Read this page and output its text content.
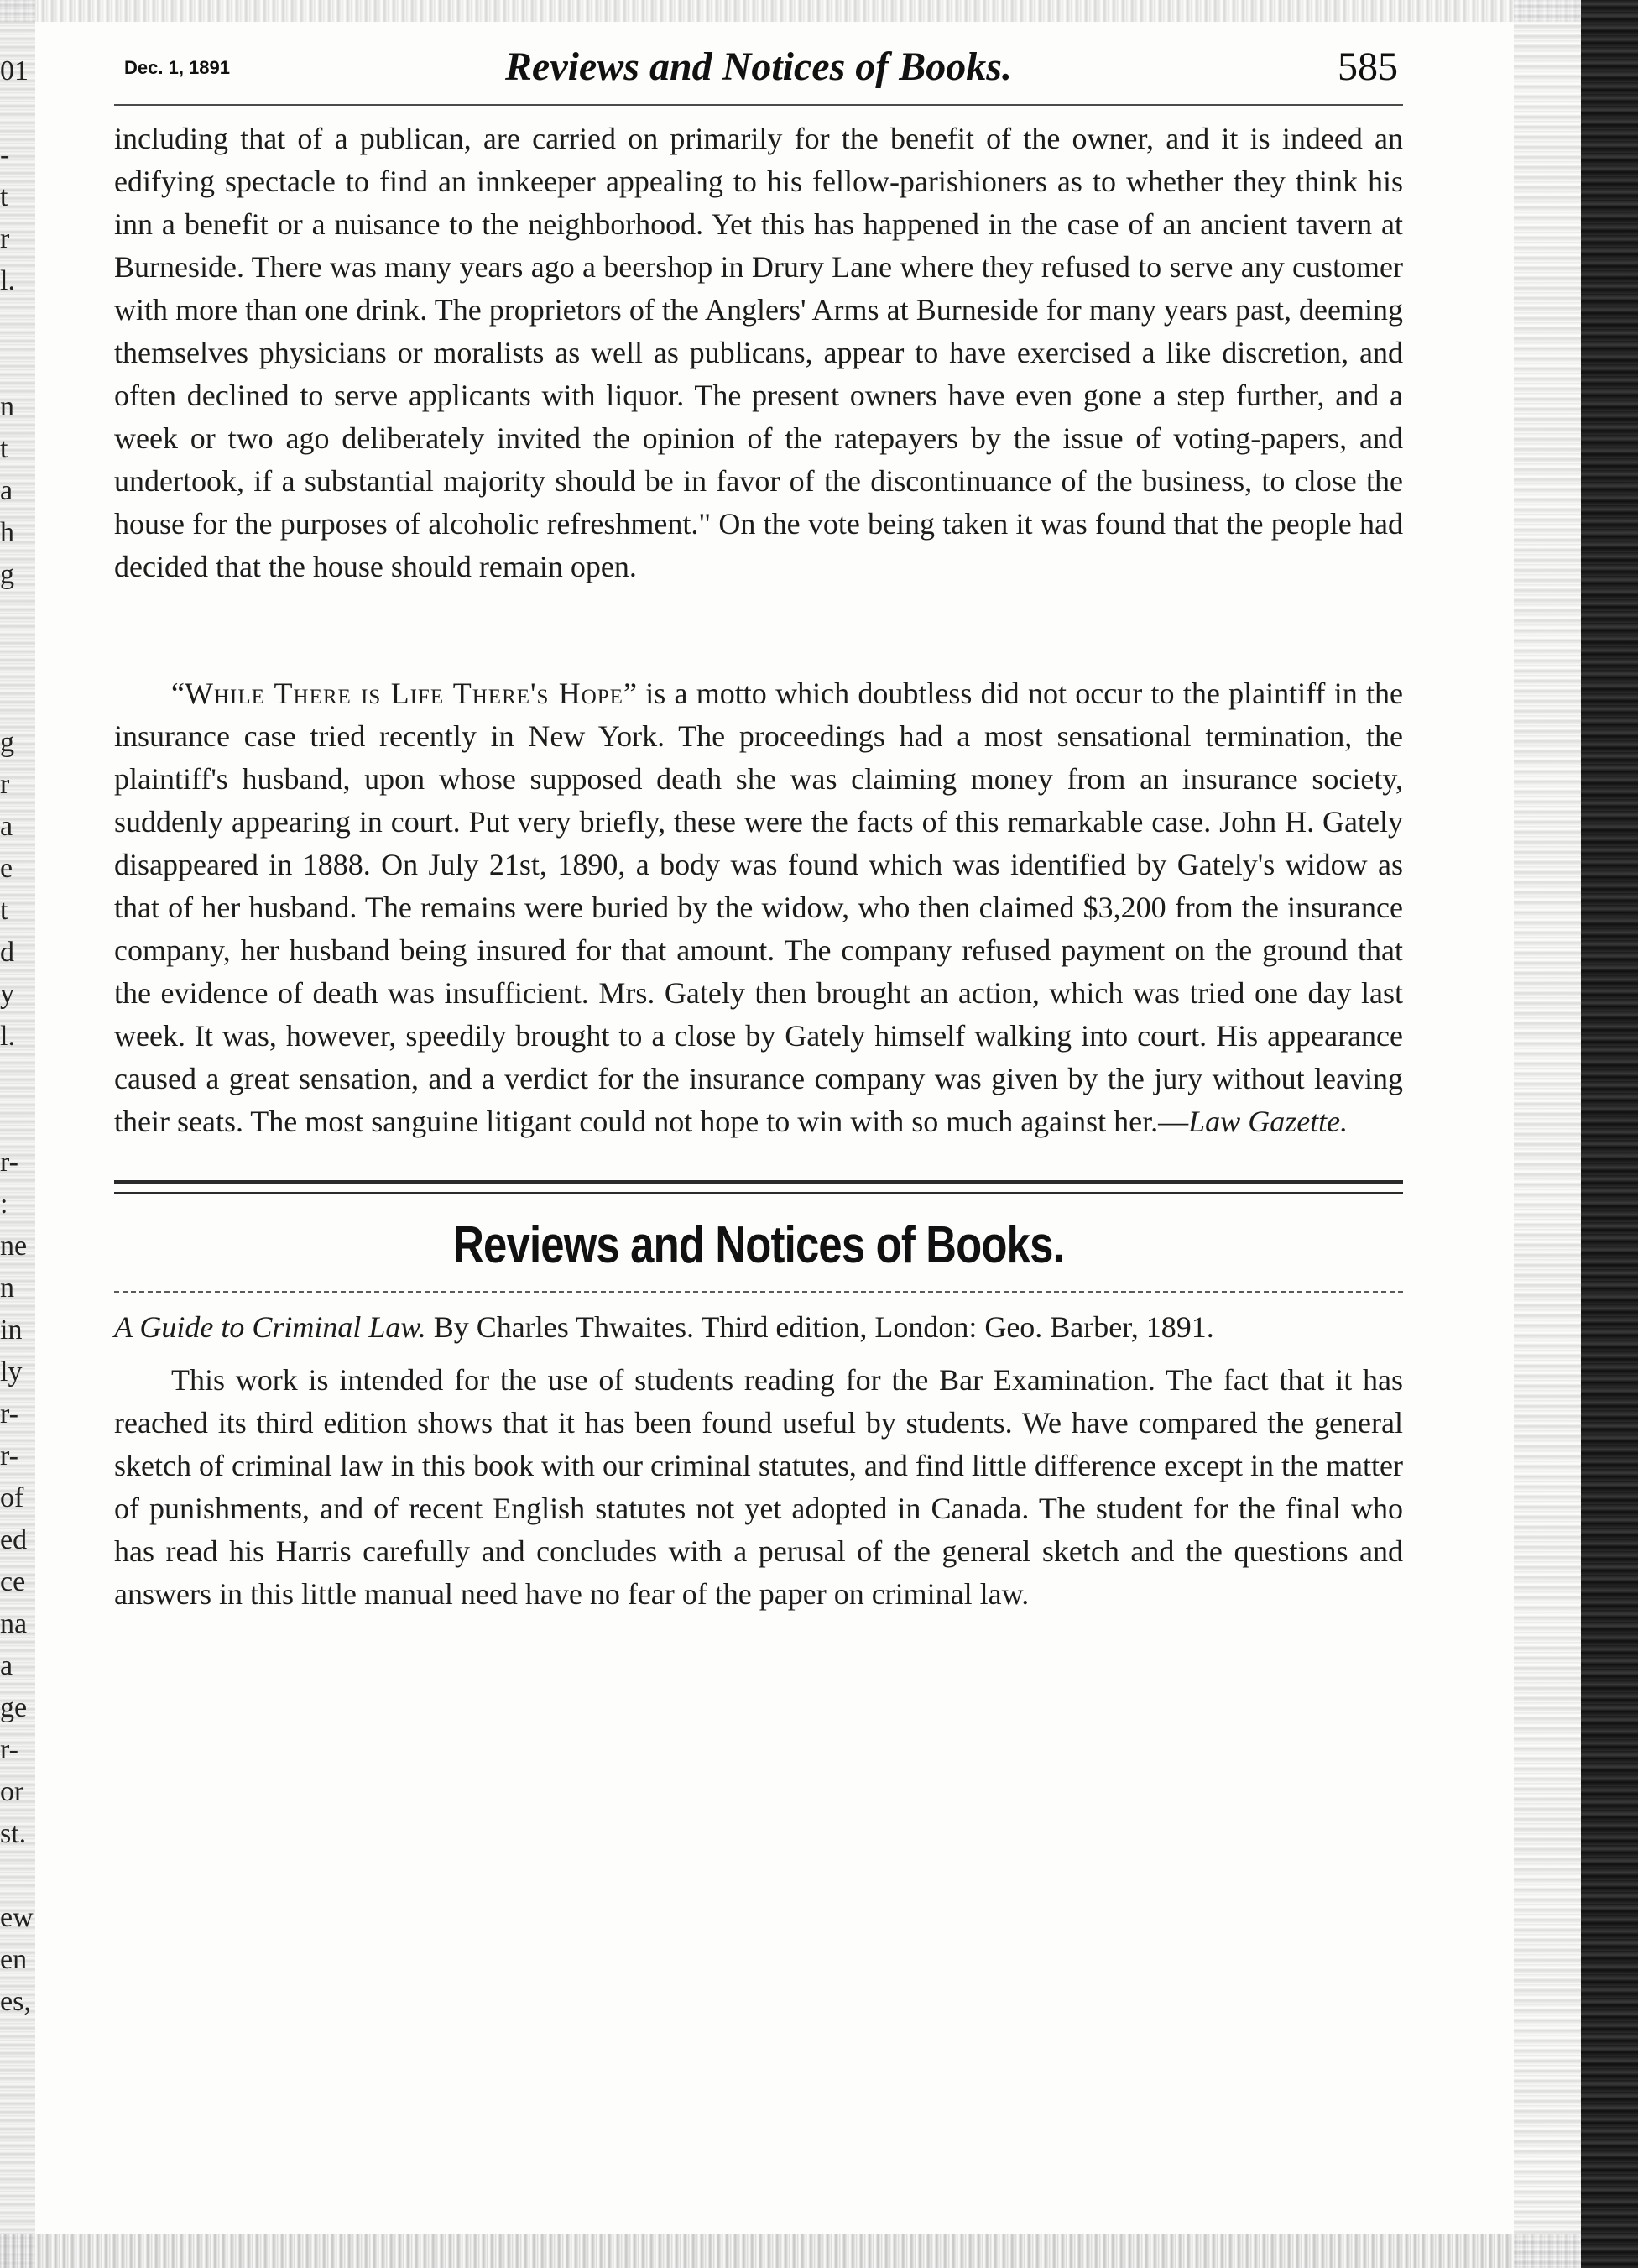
01
-
t
r
l.
n
t
a
h
g
g
r
a
e
t
d
y
l.
r-
:
ne
n
in
ly
r-
r-
of
ed
ce
na
a
ge
r-
or
st.
ew
en
es,
Dec. 1, 1891	Reviews and Notices of Books.	585

including that of a publican, are carried on primarily for the benefit of the owner, and it is indeed an edifying spectacle to find an innkeeper appealing to his fellow-parishioners as to whether they think his inn a benefit or a nuisance to the neighborhood. Yet this has happened in the case of an ancient tavern at Burneside. There was many years ago a beershop in Drury Lane where they refused to serve any customer with more than one drink. The proprietors of the Anglers' Arms at Burneside for many years past, deeming themselves physicians or moralists as well as publicans, appear to have exercised a like discretion, and often declined to serve applicants with liquor. The present owners have even gone a step further, and a week or two ago deliberately invited the opinion of the ratepayers by the issue of voting-papers, and undertook, if a substantial majority should be in favor of the discontinuance of the business, to close the house for the purposes of alcoholic refreshment." On the vote being taken it was found that the people had decided that the house should remain open.

“While There is Life There's Hope” is a motto which doubtless did not occur to the plaintiff in the insurance case tried recently in New York. The proceedings had a most sensational termination, the plaintiff's husband, upon whose supposed death she was claiming money from an insurance society, suddenly appearing in court. Put very briefly, these were the facts of this remarkable case. John H. Gately disappeared in 1888. On July 21st, 1890, a body was found which was identified by Gately's widow as that of her husband. The remains were buried by the widow, who then claimed $3,200 from the insurance company, her husband being insured for that amount. The company refused payment on the ground that the evidence of death was insufficient. Mrs. Gately then brought an action, which was tried one day last week. It was, however, speedily brought to a close by Gately himself walking into court. His appearance caused a great sensation, and a verdict for the insurance company was given by the jury without leaving their seats. The most sanguine litigant could not hope to win with so much against her.—Law Gazette.

Reviews and Notices of Books.
A Guide to Criminal Law. By Charles Thwaites. Third edition, London: Geo. Barber, 1891.

This work is intended for the use of students reading for the Bar Examination. The fact that it has reached its third edition shows that it has been found useful by students. We have compared the general sketch of criminal law in this book with our criminal statutes, and find little difference except in the matter of punishments, and of recent English statutes not yet adopted in Canada. The student for the final who has read his Harris carefully and concludes with a perusal of the general sketch and the questions and answers in this little manual need have no fear of the paper on criminal law.
